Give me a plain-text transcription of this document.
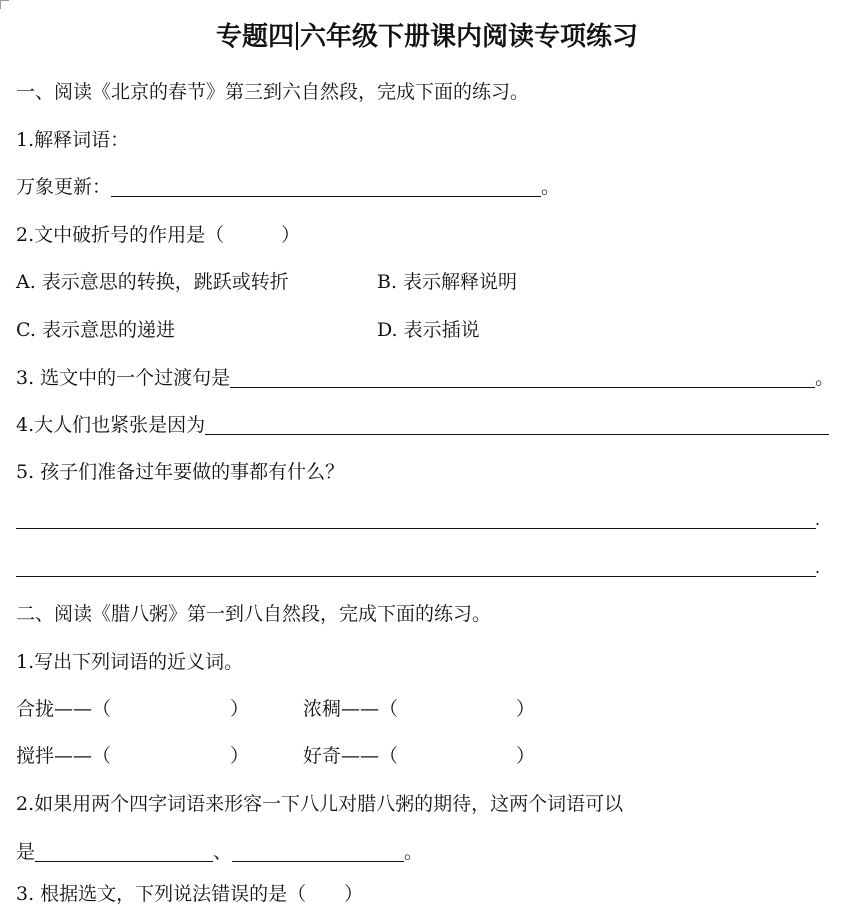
专题四 六年级下册课内阅读专项练习
一、阅读《北京的春节》第三到六自然段，完成下面的练习。
1.解释词语：
万象更新：	。
2.文中破折号的作用是（　　　）
A. 表示意思的转换，跳跃或转折	B. 表示解释说明
C. 表示意思的递进	D. 表示插说
3. 选文中的一个过渡句是	。
4.大人们也紧张是因为
5. 孩子们准备过年要做的事都有什么？
.
.
二、阅读《腊八粥》第一到八自然段，完成下面的练习。
1.写出下列词语的近义词。
合拢——（	）	浓稠——（	）
搅拌——（	）	好奇——（	）
2.如果用两个四字词语来形容一下八儿对腊八粥的期待，这两个词语可以
是	、	。
3. 根据选文，下列说法错误的是（　　）
